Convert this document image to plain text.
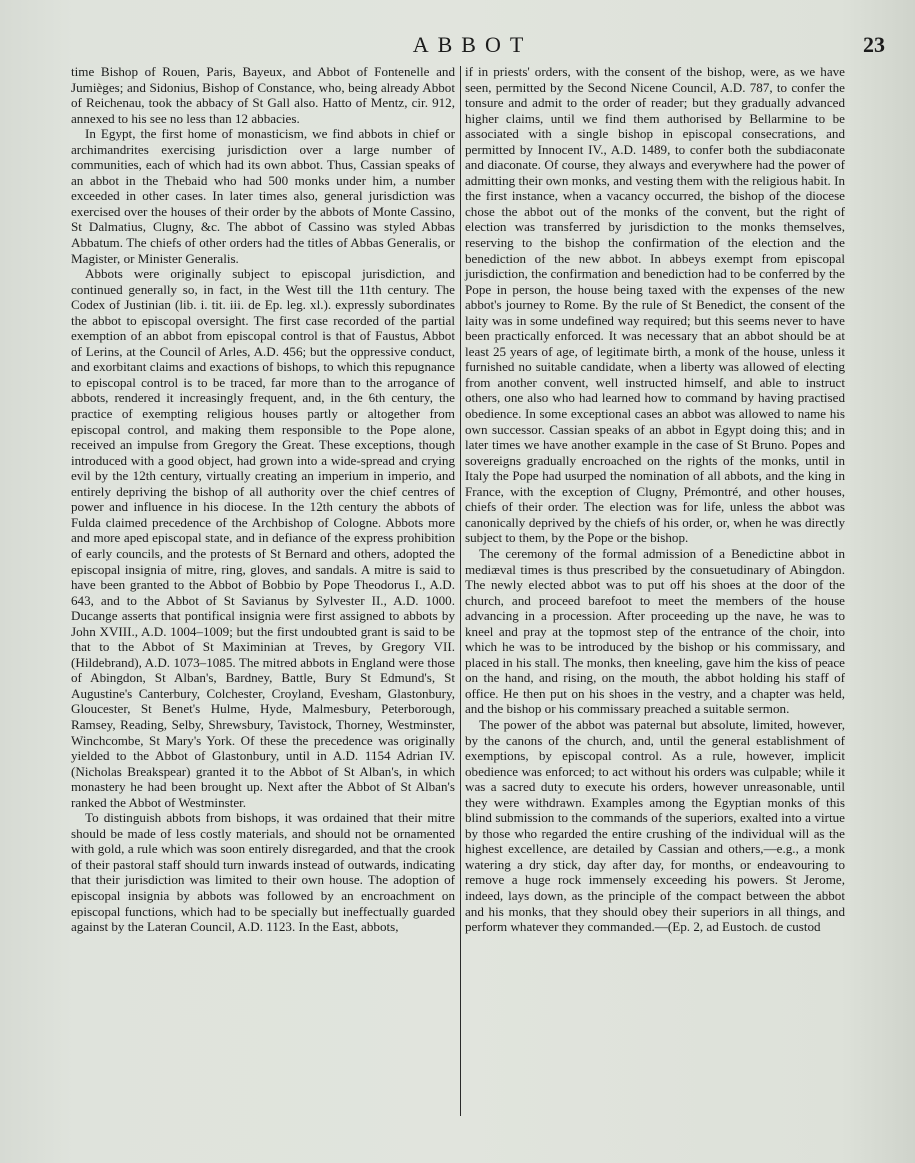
ABBOT	23

time Bishop of Rouen, Paris, Bayeux, and Abbot of Fontenelle and Jumièges; and Sidonius, Bishop of Constance, who, being already Abbot of Reichenau, took the abbacy of St Gall also. Hatto of Mentz, cir. 912, annexed to his see no less than 12 abbacies.

In Egypt, the first home of monasticism, we find abbots in chief or archimandrites exercising jurisdiction over a large number of communities, each of which had its own abbot. Thus, Cassian speaks of an abbot in the Thebaid who had 500 monks under him, a number exceeded in other cases. In later times also, general jurisdiction was exercised over the houses of their order by the abbots of Monte Cassino, St Dalmatius, Clugny, &c. The abbot of Cassino was styled Abbas Abbatum. The chiefs of other orders had the titles of Abbas Generalis, or Magister, or Minister Generalis.

Abbots were originally subject to episcopal jurisdiction, and continued generally so, in fact, in the West till the 11th century. The Codex of Justinian (lib. i. tit. iii. de Ep. leg. xl.). expressly subordinates the abbot to episcopal oversight. The first case recorded of the partial exemption of an abbot from episcopal control is that of Faustus, Abbot of Lerins, at the Council of Arles, A.D. 456; but the oppressive conduct, and exorbitant claims and exactions of bishops, to which this repugnance to episcopal control is to be traced, far more than to the arrogance of abbots, rendered it increasingly frequent, and, in the 6th century, the practice of exempting religious houses partly or altogether from episcopal control, and making them responsible to the Pope alone, received an impulse from Gregory the Great. These exceptions, though introduced with a good object, had grown into a wide-spread and crying evil by the 12th century, virtually creating an imperium in imperio, and entirely depriving the bishop of all authority over the chief centres of power and influence in his diocese. In the 12th century the abbots of Fulda claimed precedence of the Archbishop of Cologne. Abbots more and more aped episcopal state, and in defiance of the express prohibition of early councils, and the protests of St Bernard and others, adopted the episcopal insignia of mitre, ring, gloves, and sandals. A mitre is said to have been granted to the Abbot of Bobbio by Pope Theodorus I., A.D. 643, and to the Abbot of St Savianus by Sylvester II., A.D. 1000. Ducange asserts that pontifical insignia were first assigned to abbots by John XVIII., A.D. 1004–1009; but the first undoubted grant is said to be that to the Abbot of St Maximinian at Treves, by Gregory VII. (Hildebrand), A.D. 1073–1085. The mitred abbots in England were those of Abingdon, St Alban's, Bardney, Battle, Bury St Edmund's, St Augustine's Canterbury, Colchester, Croyland, Evesham, Glastonbury, Gloucester, St Benet's Hulme, Hyde, Malmesbury, Peterborough, Ramsey, Reading, Selby, Shrewsbury, Tavistock, Thorney, Westminster, Winchcombe, St Mary's York. Of these the precedence was originally yielded to the Abbot of Glastonbury, until in A.D. 1154 Adrian IV. (Nicholas Breakspear) granted it to the Abbot of St Alban's, in which monastery he had been brought up. Next after the Abbot of St Alban's ranked the Abbot of Westminster.

To distinguish abbots from bishops, it was ordained that their mitre should be made of less costly materials, and should not be ornamented with gold, a rule which was soon entirely disregarded, and that the crook of their pastoral staff should turn inwards instead of outwards, indicating that their jurisdiction was limited to their own house. The adoption of episcopal insignia by abbots was followed by an encroachment on episcopal functions, which had to be specially but ineffectually guarded against by the Lateran Council, A.D. 1123. In the East, abbots,

if in priests' orders, with the consent of the bishop, were, as we have seen, permitted by the Second Nicene Council, A.D. 787, to confer the tonsure and admit to the order of reader; but they gradually advanced higher claims, until we find them authorised by Bellarmine to be associated with a single bishop in episcopal consecrations, and permitted by Innocent IV., A.D. 1489, to confer both the subdiaconate and diaconate. Of course, they always and everywhere had the power of admitting their own monks, and vesting them with the religious habit. In the first instance, when a vacancy occurred, the bishop of the diocese chose the abbot out of the monks of the convent, but the right of election was transferred by jurisdiction to the monks themselves, reserving to the bishop the confirmation of the election and the benediction of the new abbot. In abbeys exempt from episcopal jurisdiction, the confirmation and benediction had to be conferred by the Pope in person, the house being taxed with the expenses of the new abbot's journey to Rome. By the rule of St Benedict, the consent of the laity was in some undefined way required; but this seems never to have been practically enforced. It was necessary that an abbot should be at least 25 years of age, of legitimate birth, a monk of the house, unless it furnished no suitable candidate, when a liberty was allowed of electing from another convent, well instructed himself, and able to instruct others, one also who had learned how to command by having practised obedience. In some exceptional cases an abbot was allowed to name his own successor. Cassian speaks of an abbot in Egypt doing this; and in later times we have another example in the case of St Bruno. Popes and sovereigns gradually encroached on the rights of the monks, until in Italy the Pope had usurped the nomination of all abbots, and the king in France, with the exception of Clugny, Prémontré, and other houses, chiefs of their order. The election was for life, unless the abbot was canonically deprived by the chiefs of his order, or, when he was directly subject to them, by the Pope or the bishop.

The ceremony of the formal admission of a Benedictine abbot in mediæval times is thus prescribed by the consuetudinary of Abingdon. The newly elected abbot was to put off his shoes at the door of the church, and proceed barefoot to meet the members of the house advancing in a procession. After proceeding up the nave, he was to kneel and pray at the topmost step of the entrance of the choir, into which he was to be introduced by the bishop or his commissary, and placed in his stall. The monks, then kneeling, gave him the kiss of peace on the hand, and rising, on the mouth, the abbot holding his staff of office. He then put on his shoes in the vestry, and a chapter was held, and the bishop or his commissary preached a suitable sermon.

The power of the abbot was paternal but absolute, limited, however, by the canons of the church, and, until the general establishment of exemptions, by episcopal control. As a rule, however, implicit obedience was enforced; to act without his orders was culpable; while it was a sacred duty to execute his orders, however unreasonable, until they were withdrawn. Examples among the Egyptian monks of this blind submission to the commands of the superiors, exalted into a virtue by those who regarded the entire crushing of the individual will as the highest excellence, are detailed by Cassian and others,—e.g., a monk watering a dry stick, day after day, for months, or endeavouring to remove a huge rock immensely exceeding his powers. St Jerome, indeed, lays down, as the principle of the compact between the abbot and his monks, that they should obey their superiors in all things, and perform whatever they commanded.—(Ep. 2, ad Eustoch. de custod
